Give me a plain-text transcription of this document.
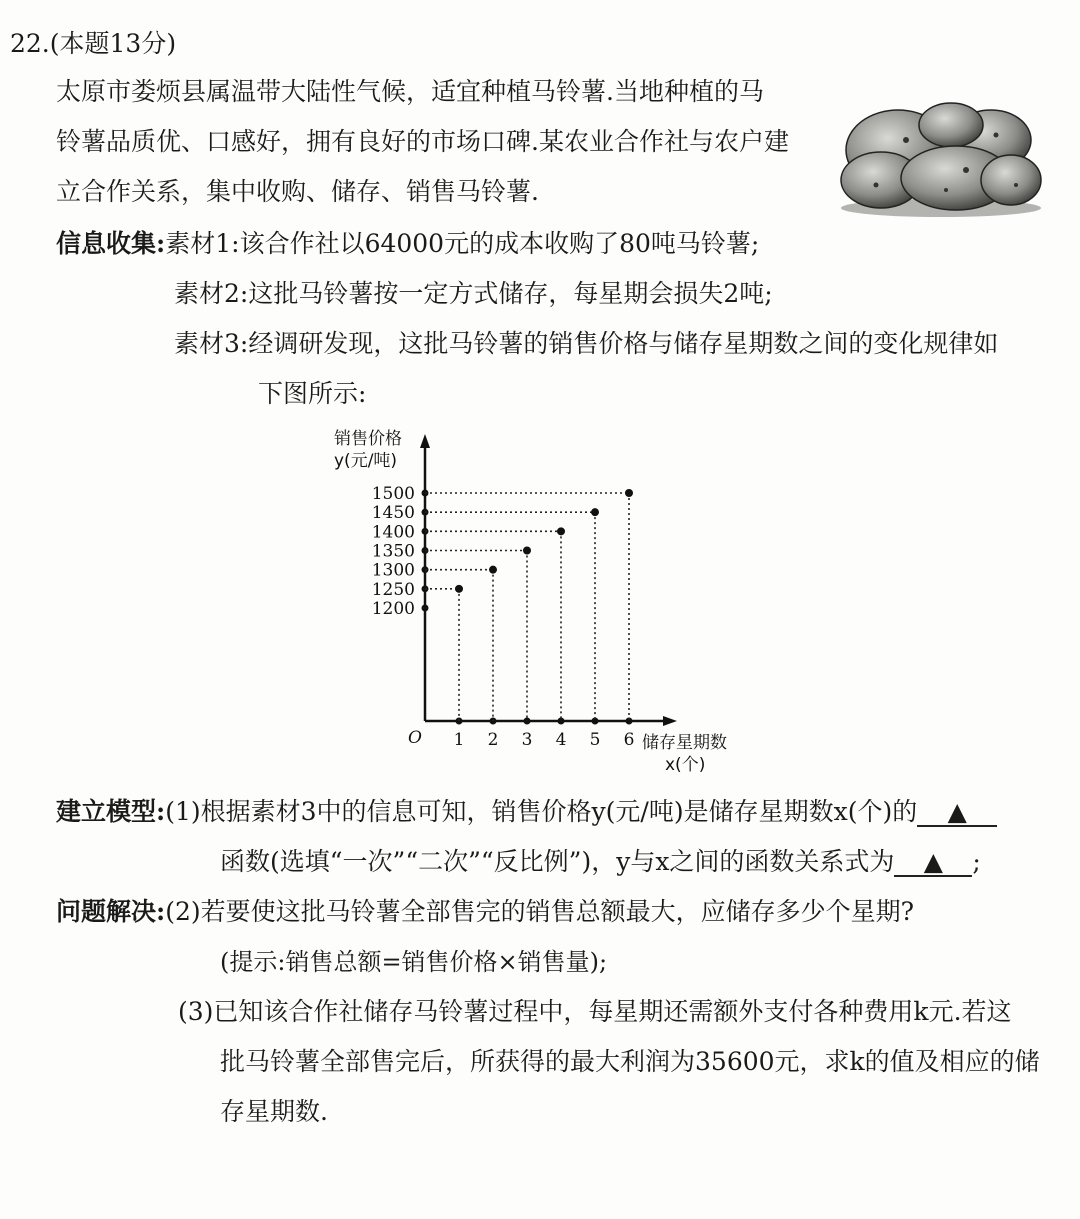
22.(本题13分)
太原市娄烦县属温带大陆性气候，适宜种植马铃薯.当地种植的马
铃薯品质优、口感好，拥有良好的市场口碑.某农业合作社与农户建
立合作关系，集中收购、储存、销售马铃薯.
信息收集:素材1:该合作社以64000元的成本收购了80吨马铃薯;
素材2:这批马铃薯按一定方式储存，每星期会损失2吨;
素材3:经调研发现，这批马铃薯的销售价格与储存星期数之间的变化规律如
下图所示:
销售价格
y(元/吨)
储存星期数
x(个)
O
1200
1250
1300
1350
1400
1450
1500
1 2 3 4 5 6
建立模型:(1)根据素材3中的信息可知，销售价格y(元/吨)是储存星期数x(个)的 ▲
函数(选填“一次”“二次”“反比例”)，y与x之间的函数关系式为 ▲ ;
问题解决:(2)若要使这批马铃薯全部售完的销售总额最大，应储存多少个星期?
(提示:销售总额=销售价格×销售量);
(3)已知该合作社储存马铃薯过程中，每星期还需额外支付各种费用k元.若这
批马铃薯全部售完后，所获得的最大利润为35600元，求k的值及相应的储
存星期数.
